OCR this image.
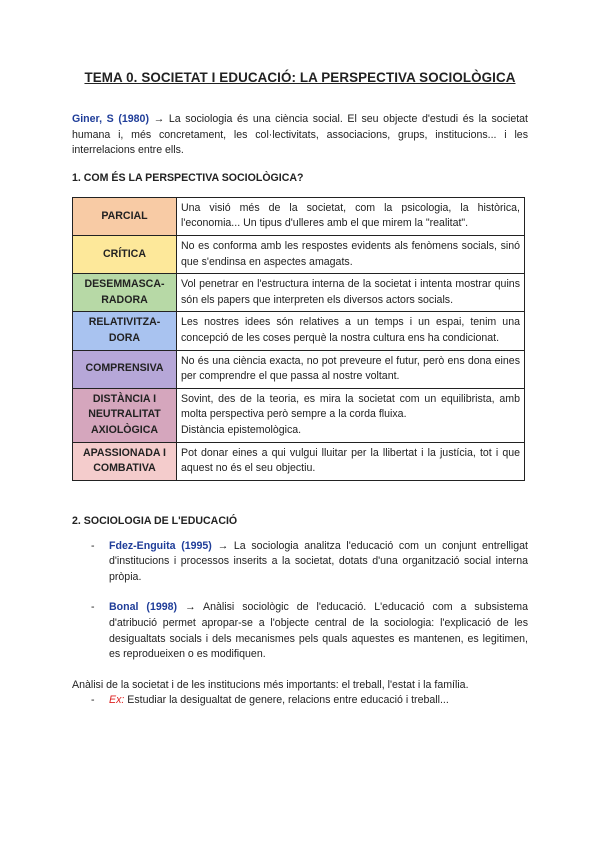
TEMA 0. SOCIETAT I EDUCACIÓ: LA PERSPECTIVA SOCIOLÒGICA
Giner, S (1980) → La sociologia és una ciència social. El seu objecte d'estudi és la societat humana i, més concretament, les col·lectivitats, associacions, grups, institucions... i les interrelacions entre ells.
1. COM ÉS LA PERSPECTIVA SOCIOLÒGICA?
PARCIAL	Una visió més de la societat, com la psicologia, la històrica, l'economia... Un tipus d'ulleres amb el que mirem la "realitat".

CRÍTICA	No es conforma amb les respostes evidents als fenòmens socials, sinó que s'endinsa en aspectes amagats.

DESEMMASCA-RADORA	Vol penetrar en l'estructura interna de la societat i intenta mostrar quins són els papers que interpreten els diversos actors socials.

RELATIVITZA-DORA	Les nostres idees són relatives a un temps i un espai, tenim una concepció de les coses perquè la nostra cultura ens ha condicionat.

COMPRENSIVA	No és una ciència exacta, no pot preveure el futur, però ens dona eines per comprendre el que passa al nostre voltant.

DISTÀNCIA I NEUTRALITAT AXIOLÒGICA	Sovint, des de la teoria, es mira la societat com un equilibrista, amb molta perspectiva però sempre a la corda fluixa.
Distància epistemològica.

APASSIONADA I COMBATIVA	Pot donar eines a qui vulgui lluitar per la llibertat i la justícia, tot i que aquest no és el seu objectiu.
2. SOCIOLOGIA DE L'EDUCACIÓ
- Fdez-Enguita (1995) → La sociologia analitza l'educació com un conjunt entrelligat d'institucions i processos inserits a la societat, dotats d'una organització social interna pròpia.
- Bonal (1998) → Anàlisi sociològic de l'educació. L'educació com a subsistema d'atribució permet apropar-se a l'objecte central de la sociologia: l'explicació de les desigualtats socials i dels mecanismes pels quals aquestes es mantenen, es legitimen, es reprodueixen o es modifiquen.
Anàlisi de la societat i de les institucions més importants: el treball, l'estat i la família.
- Ex: Estudiar la desigualtat de genere, relacions entre educació i treball...
